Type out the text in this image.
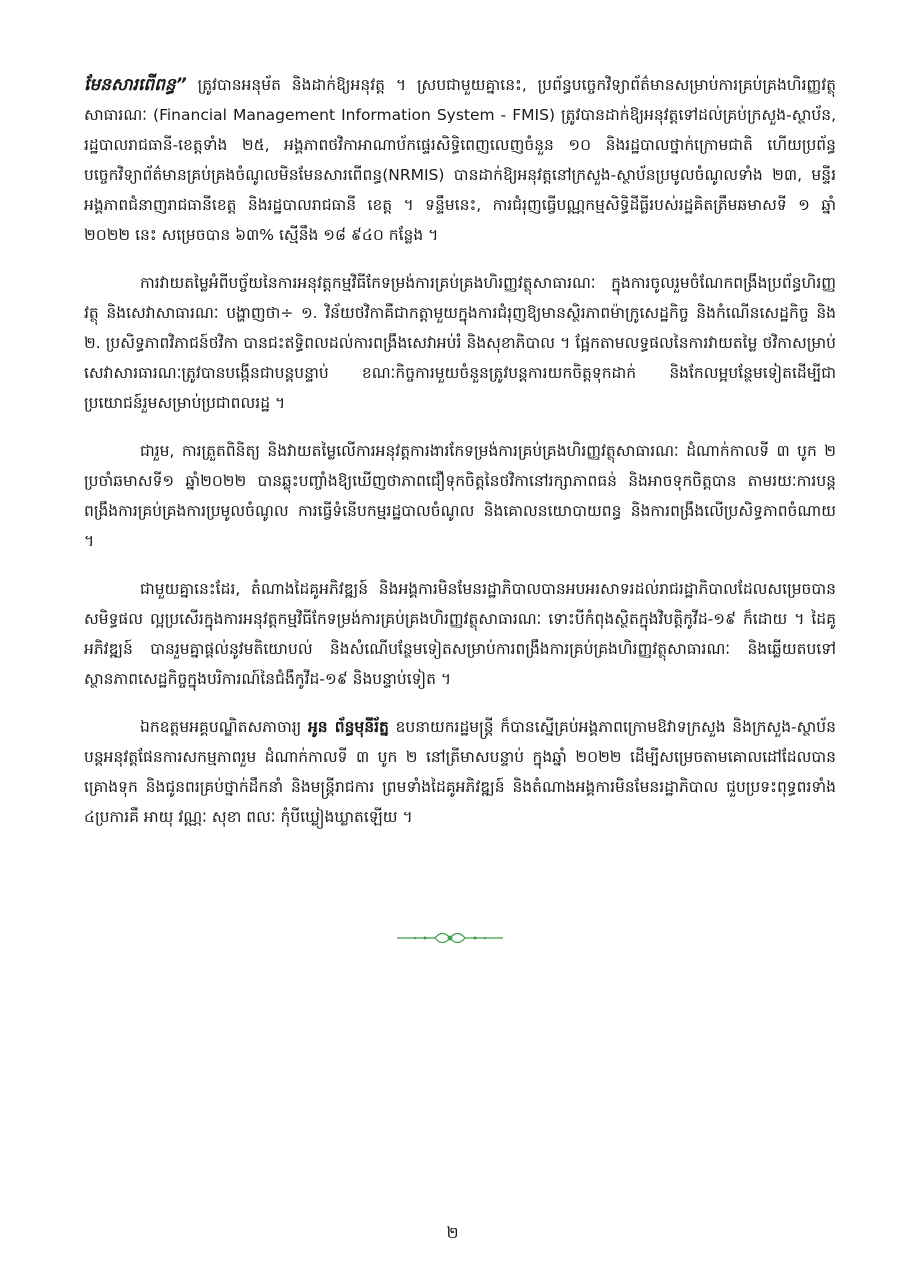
មែនសារពើពន្ធ” ត្រូវបានអនុម័ត និងដាក់ឱ្យអនុវត្ត ។ ស្របជាមួយគ្នានេះ, ប្រព័ន្ធបច្ចេកវិទ្យាព័ត៌មានសម្រាប់ការគ្រប់គ្រងហិរញ្ញវត្ថុសាធារណៈ (Financial Management Information System - FMIS) ត្រូវបានដាក់ឱ្យអនុវត្តទៅដល់គ្រប់ក្រសួង-ស្ថាប័ន, រដ្ឋបាលរាជធានី-ខេត្តទាំង ២៥, អង្គភាពថវិកាអាណាប័កផ្ទេរសិទ្ធិពេញលេញចំនួន ១០ និងរដ្ឋបាលថ្នាក់ក្រោមជាតិ ហើយប្រព័ន្ធបច្ចេកវិទ្យាព័ត៌មានគ្រប់គ្រងចំណូលមិនមែនសារពើពន្ធ(NRMIS) បានដាក់ឱ្យអនុវត្តនៅក្រសួង-ស្ថាប័នប្រមូលចំណូលទាំង ២៣, មន្ទីរអង្គភាពជំនាញរាជធានីខេត្ត និងរដ្ឋបាលរាជធានី ខេត្ត ។ ទន្ទឹមនេះ, ការជំរុញធ្វើបណ្ណកម្មសិទ្ធិដីធ្លីរបស់រដ្ឋគិតត្រឹមឆមាសទី ១ ឆ្នាំ ២០២២ នេះ សម្រេចបាន ៦៣% ស្មើនឹង ១៨ ៩៤០ កន្លែង ។

ការវាយតម្លៃអំពីបច្ច័យនៃការអនុវត្តកម្មវិធីកែទម្រង់ការគ្រប់គ្រងហិរញ្ញវត្ថុសាធារណៈ ក្នុងការចូលរួមចំណែកពង្រឹងប្រព័ន្ធហិរញ្ញវត្ថុ និងសេវាសាធារណៈ បង្ហាញថា÷ ១. វិន័យថវិកាគឺជាកត្តាមួយក្នុងការជំរុញឱ្យមានស្ថិរភាពម៉ាក្រូសេដ្ឋកិច្ច និងកំណើនសេដ្ឋកិច្ច និង ២. ប្រសិទ្ធភាពវិភាជន៍ថវិកា បានជះឥទ្ធិពលដល់ការពង្រឹងសេវាអប់រំ និងសុខាភិបាល ។ ផ្អែកតាមលទ្ធផលនៃការវាយតម្លៃ ថវិកាសម្រាប់សេវាសារធារណៈត្រូវបានបង្កើនជាបន្តបន្ទាប់ ខណៈកិច្ចការមួយចំនួនត្រូវបន្តការយកចិត្តទុកដាក់ និងកែលម្អបន្ថែមទៀតដើម្បីជាប្រយោជន៍រួមសម្រាប់ប្រជាពលរដ្ឋ ។

ជារួម, ការត្រួតពិនិត្យ និងវាយតម្លៃលើការអនុវត្តការងារកែទម្រង់ការគ្រប់គ្រងហិរញ្ញវត្ថុសាធារណៈ ដំណាក់កាលទី ៣ បូក ២ ប្រចាំឆមាសទី១ ឆ្នាំ២០២២ បានឆ្លុះបញ្ចាំងឱ្យឃើញថាភាពជឿទុកចិត្តនៃថវិកានៅរក្សាភាពធន់ និងអាចទុកចិត្តបាន តាមរយៈការបន្តពង្រឹងការគ្រប់គ្រងការប្រមូលចំណូល ការធ្វើទំនើបកម្មរដ្ឋបាលចំណូល និងគោលនយោបាយពន្ធ និងការពង្រឹងលើប្រសិទ្ធភាពចំណាយ ។

ជាមួយគ្នានេះដែរ, តំណាងដៃគូអភិវឌ្ឍន៍ និងអង្គការមិនមែនរដ្ឋាភិបាលបានអបអរសាទរដល់រាជរដ្ឋាភិបាលដែលសម្រេចបានសមិទ្ធផល ល្អប្រសើរក្នុងការអនុវត្តកម្មវិធីកែទម្រង់ការគ្រប់គ្រងហិរញ្ញវត្ថុសាធារណៈ ទោះបីកំពុងស្ថិតក្នុងវិបត្តិកូវីដ-១៩ ក៏ដោយ ។ ដៃគូអភិវឌ្ឍន៍ បានរួមគ្នាផ្តល់នូវមតិយោបល់ និងសំណើបន្ថែមទៀតសម្រាប់ការពង្រឹងការគ្រប់គ្រងហិរញ្ញវត្ថុសាធារណៈ និងឆ្លើយតបទៅស្ថានភាពសេដ្ឋកិច្ចក្នុងបរិការណ៍នៃជំងឺកូវីដ-១៩ និងបន្ទាប់ទៀត ។

ឯកឧត្តមអគ្គបណ្ឌិតសភាចារ្យ អូន ព័ន្ធមុនីរ័ត្ន ឧបនាយករដ្ឋមន្ត្រី ក៏បានស្នើគ្រប់អង្គភាពក្រោមឱវាទក្រសួង និងក្រសួង-ស្ថាប័ន បន្តអនុវត្តផែនការសកម្មភាពរួម ដំណាក់កាលទី ៣ បូក ២ នៅត្រីមាសបន្ទាប់ ក្នុងឆ្នាំ ២០២២ ដើម្បីសម្រេចតាមគោលដៅដែលបានគ្រោងទុក និងជូនពរគ្រប់ថ្នាក់ដឹកនាំ និងមន្ត្រីរាជការ ព្រមទាំងដៃគូអភិវឌ្ឍន៍ និងតំណាងអង្គការមិនមែនរដ្ឋាភិបាល ជួបប្រទះពុទ្ធពរទាំង ៤ប្រការគឺ អាយុ វណ្ណៈ សុខា ពលៈ កុំបីឃ្លៀងឃ្លាតឡើយ ។

២
